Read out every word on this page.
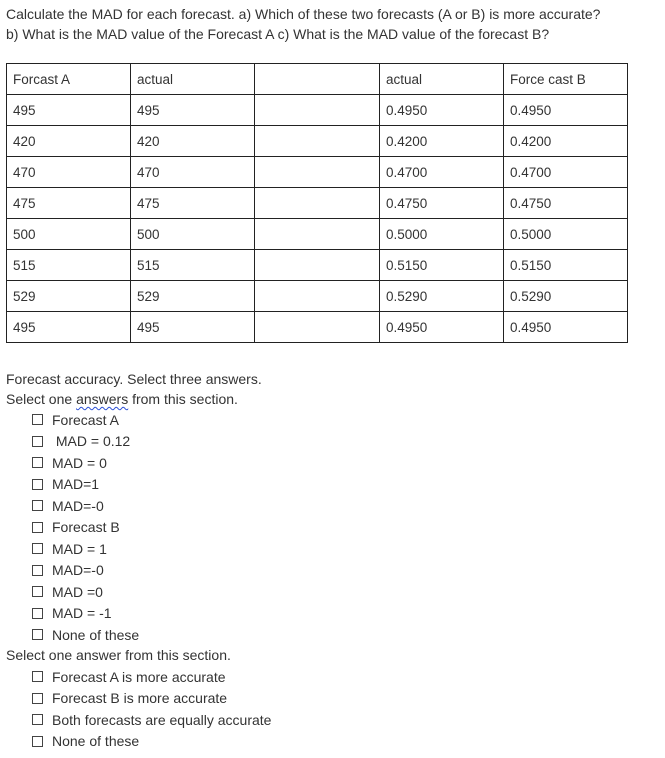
Calculate the MAD for each forecast. a) Which of these two forecasts (A or B) is more accurate?
b) What is the MAD value of the Forecast A c) What is the MAD value of the forecast B?
Forcast A	actual		actual	Force cast B
495	495		0.4950	0.4950
420	420		0.4200	0.4200
470	470		0.4700	0.4700
475	475		0.4750	0.4750
500	500		0.5000	0.5000
515	515		0.5150	0.5150
529	529		0.5290	0.5290
495	495		0.4950	0.4950
Forecast accuracy. Select three answers.
Select one answers from this section.
Forecast A
MAD = 0.12
MAD = 0
MAD=1
MAD=-0
Forecast B
MAD = 1
MAD=-0
MAD =0
MAD = -1
None of these
Select one answer from this section.
Forecast A is more accurate
Forecast B is more accurate
Both forecasts are equally accurate
None of these
